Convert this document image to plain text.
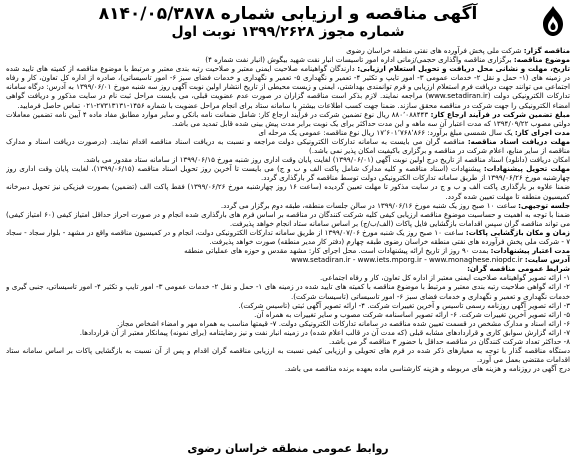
آگهی مناقصه و ارزیابی شماره ۸۱۴۰/۰۵/۳۸۷۸
شماره مجوز ۱۳۹۹/۲۶۲۸ نوبت اول

مناقصه گزار: شرکت ملی پخش فرآورده های نفتی منطقه خراسان رضوی

موضوع مناقصه: برگزاری مناقصه واگذاری حجمی/زمانی اداره امور تاسیسات انبار نفت شهید بیگوش (انبار نفت شماره ۴)

تاریخ، مهلت و نشانی محل دریافت و تحویل استعلام ارزیابی: دارندگان گواهینامه صلاحیت ایمنی معتبر و صلاحیت رتبه بندی معتبر و مرتبط با موضوع مناقصه از کمیته های تایید شده در زمینه های (۱- حمل و نقل ۲- خدمات عمومی ۳- امور تایپ و تکثیر ۴- تعمیر و نگهداری ۵- تعمیر و نگهداری و خدمات فضای سبز ۶- امور تاسیساتی)، صادره از اداره کل تعاون، کار و رفاه اجتماعی می توانند جهت دریافت فرم استعلام ارزیابی و فرم توانمندی بهداشتی، ایمنی و زیست محیطی از تاریخ انتشار اولین نوبت آگهی روز سه شنبه مورخ ۱۳۹۹/۰۶/۰۱ به آدرس: درگاه سامانه تدارکات الکترونیکی دولت (www.setadiran.ir) مراجعه نمایند. لازم بذکر است مناقصه گزاران در صورت عدم عضویت قبلی، می بایست مراحل ثبت نام در سایت مذکور و دریافت گواهی امضاء الکترونیکی را جهت شرکت در مناقصه محقق سازند. ضمنا جهت کسب اطلاعات بیشتر با سامانه ستاد برای انجام مراحل عضویت با شماره ۱۴۵۶-۲۷۳۱۳۱۳۱-۰۲۱ تماس حاصل فرمایید.

مبلغ تضمین شرکت در فرآیند ارجاع کار: ۸۸۰٬۰۸۸۴۴۳ ریال نوع تضمین شرکت در فرآیند ارجاع کار: شامل ضمانت نامه بانکی و سایر موارد مطابق مفاد ماده ۴ آیین نامه تضمین معاملات دولتی مصوب ۱۳۹۴/۰۹/۲۲ که مدت اعتبار آن سه ماهه و این مدت حداکثر برای یک نوبت برابر مدت پیش بینی شده قابل تمدید می باشد.

مدت اجرای کار: یک سال شمسی مبلغ برآورد: ۱۷٬۶۰۱٬۷۶۸٬۸۶۶ ریال نوع مناقصه: عمومی یک مرحله ای

مهلت دریافت اسناد مناقصه: مناقصه گران می بایست به سامانه تدارکات الکترونیکی دولت مراجعه و نسبت به دریافت اسناد مناقصه اقدام نمایند. (درصورت دریافت اسناد و مدارک مناقصه از سایر منابع، اعلام شرکت در مناقصه و برگزاری باکیفیت امکان پذیر نمی باشد.)

امکان دریافت (دانلود) اسناد مناقصه از تاریخ درج اولین نوبت آگهی (۱۳۹۹/۰۶/۰۱) لغایت پایان وقت اداری روز شنبه مورخ ۱۳۹۹/۰۶/۱۵ از سامانه ستاد مقدور می باشد.

مهلت تحویل پیشنهادات: پیشنهادات (اسناد مناقصه و کلیه مدارک شامل پاکت الف و ب و ج) می بایست تا آخرین روز تحویل اسناد مناقصه (۱۳۹۹/۰۶/۱۵)، لغایت پایان وقت اداری روز چهارشنبه مورخ ۱۳۹۹/۰۶/۲۶ از طریق سامانه تدارکات الکترونیکی دولت توسط مناقصه گر بارگذاری گردد.

ضمنا علاوه بر بارگذاری پاکت الف و ب و ج در سایت مذکور تا مهلت تعیین گردیده (ساعت ۱۶ روز چهارشنبه مورخ ۱۳۹۹/۰۶/۲۶) فقط پاکت الف (تضمین) بصورت فیزیکی نیز تحویل دبیرخانه کمیسیون منطقه تا مهلت تعیین شده گردد.

جلسه توجیهی: ساعت ۱۰ صبح روز یک شنبه مورخ ۱۳۹۹/۰۶/۱۶ در سالن جلسات منطقه، طبقه دوم برگزار می گردد.

ضمنا با توجه به اهمیت و حساسیت موضوع مناقصه ارزیابی کیفی کلیه شرکت کنندگان در مناقصه بر اساس فرم های بارگذاری شده انجام و در صورت احراز حداقل امتیاز کیفی (۶۰ امتیاز کیفی) می تواند مناقصه گران سپس اقدامات بازگشایی فایل پاکات (الف/ب/ج) بر اساس سامانه ستاد انجام خواهد پذیرفت.

زمان و مکان بازگشایی پاکات: ساعت ۱۰ صبح روز یک شنبه مورخ ۱۳۹۹/۰۷/۰۶ از طریق سامانه تدارکات الکترونیکی دولت، انجام و در کمیسیون مناقصه واقع در مشهد - بلوار سجاد - سجاد ۷ - شرکت ملی پخش فرآورده های نفتی منطقه خراسان رضوی طبقه چهارم (دفتر کار مدیر منطقه) صورت خواهد پذیرفت.

مدت اعتبار پیشنهادات: بمدت ۹۰ روز از تاریخ ارائه پیشنهادات است. محل اجرای کار: مشهد مقدس و حوزه های عملیاتی منطقه

آدرس سایت: www.setadiran.ir - www.iets.mporg.ir - www.monaghese.niopdc.ir

شرایط عمومی مناقصه گران:

۱- ارائه تصویر گواهینامه صلاحیت ایمنی معتبر از اداره کل تعاون، کار و رفاه اجتماعی.

۲- ارائه گواهی صلاحیت رتبه بندی معتبر و مرتبط با موضوع مناقصه با کمیته های تایید شده در زمینه های ۱- حمل و نقل ۲- خدمات عمومی ۳- امور تایپ و تکثیر ۴- امور تاسیساتی، جنبی گیری و خدمات نگهداری و تعمیر و نگهداری و خدمات فضای سبز ۶- امور تاسیساتی (تاسیسات شرکت).

۳- ارائه تصویر آگهی روزنامه رسمی تاسیس و آخرین تغییرات شرکت. ۴- ارائه تصویر آگهی ثبتی (تاسیس شرکت).

۵- ارائه تصویر آخرین تغییرات شرکت. ۶- ارائه تصویر اساسنامه شرکت مصوب و سایر تغییرات به همراه آن.

۶- ارائه اسناد و مدارک مشخص در قسمت تعیین شده مناقصه در سامانه تدارکات الکترونیکی دولت. ۷- قیمتها مناسب به همراه مهر و امضاء اشخاص مجاز.

۷- ارائه گزارش سوابق کاری و قراردادهای مشابه قبلی (که مدت آن در قالب اعلام شده) در زمینه انبار نفت و نیز رضایتنامه (برای نمونه) پیمانکار معتبر از آن قراردادها.

۸- حداکثر تعداد شرکت کنندگان در مناقصه حداقل با حضور ۳ مناقصه گر می باشد.

دستگاه مناقصه گذار با توجه به معیارهای ذکر شده در فرم های تحویلی و ارزیابی کیفی نسبت به ارزیابی مناقصه گران اقدام و پس از آن نسبت به بازگشایی پاکات بر اساس سامانه ستاد اقدامات مقتضی بعمل می آورد.

درج آگهی در روزنامه و هزینه های مربوطه و هزینه کارشناسی ماده بعهده برنده مناقصه می باشد.

روابط عمومی منطقه خراسان رضوی
